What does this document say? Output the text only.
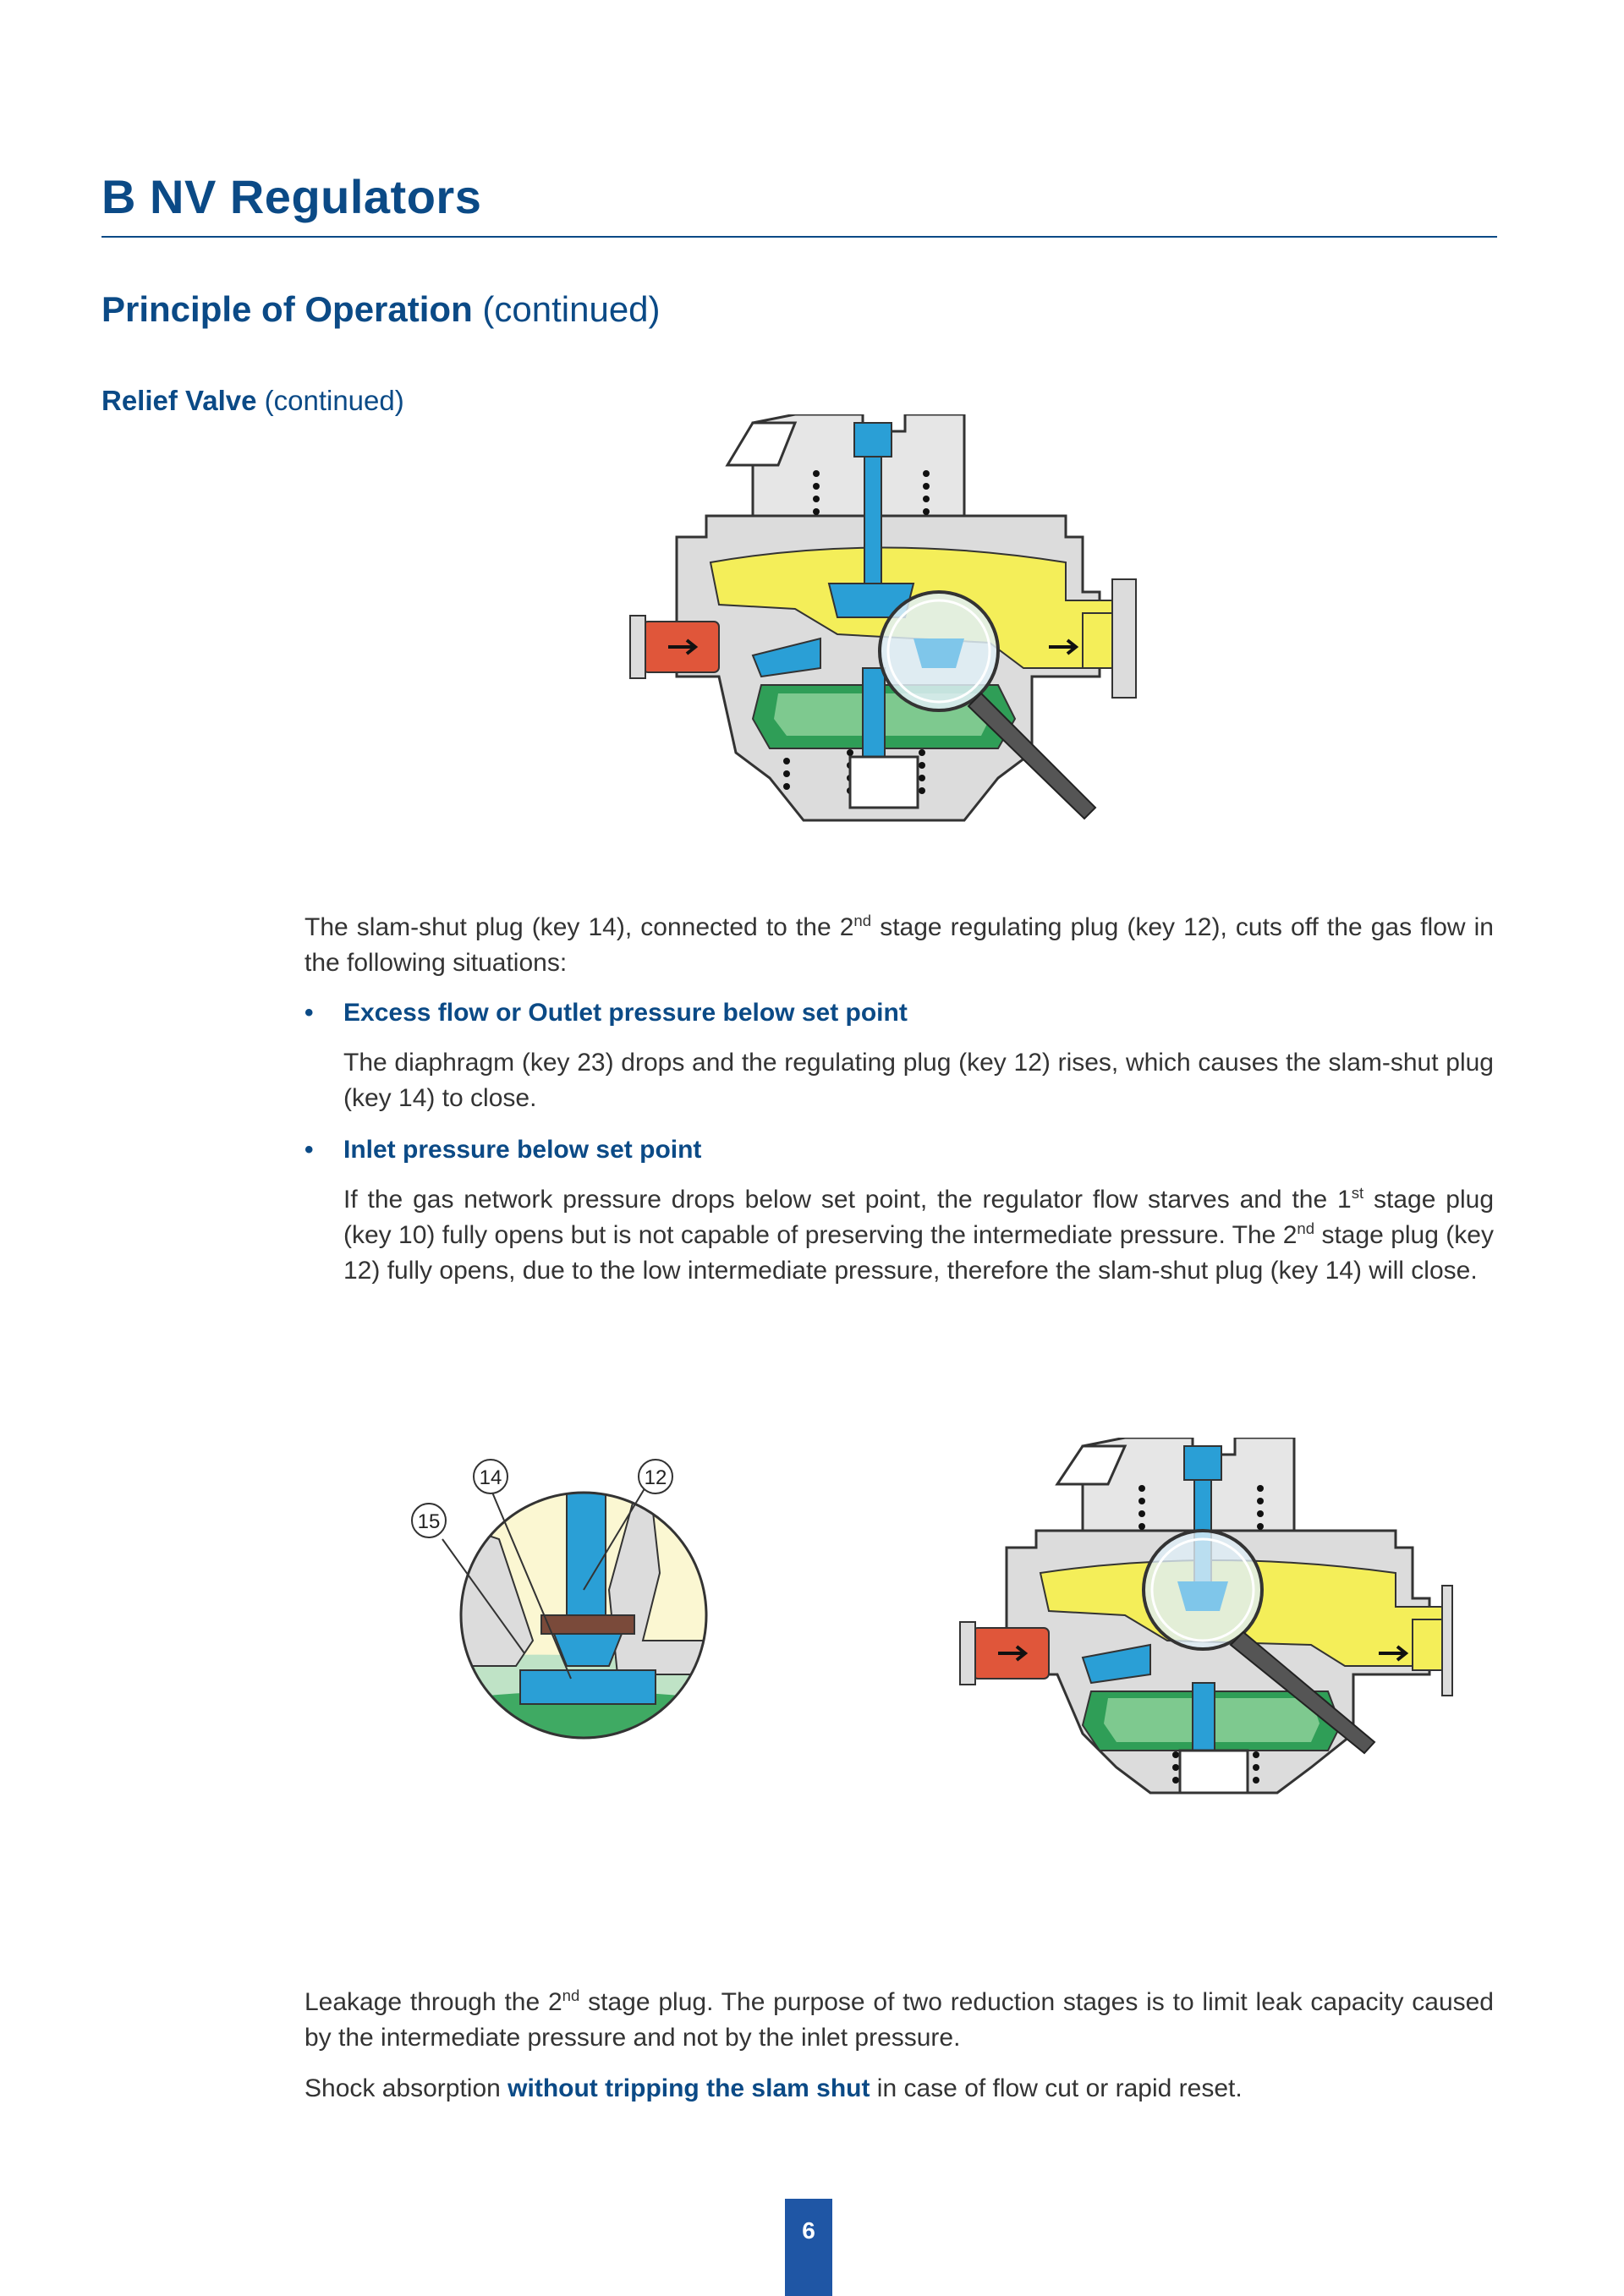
B NV Regulators
Principle of Operation (continued)
Relief Valve (continued)
The slam-shut plug (key 14), connected to the 2nd stage regulating plug (key 12), cuts off the gas flow in the following situations:
• Excess flow or Outlet pressure below set point
The diaphragm (key 23) drops and the regulating plug (key 12) rises, which causes the slam-shut plug (key 14) to close.
• Inlet pressure below set point
If the gas network pressure drops below set point, the regulator flow starves and the 1st stage plug (key 10) fully opens but is not capable of preserving the intermediate pressure. The 2nd stage plug (key 12) fully opens, due to the low intermediate pressure, therefore the slam-shut plug (key 14) will close.
14	12
15
Leakage through the 2nd stage plug. The purpose of two reduction stages is to limit leak capacity caused by the intermediate pressure and not by the inlet pressure.
Shock absorption without tripping the slam shut in case of flow cut or rapid reset.
6
